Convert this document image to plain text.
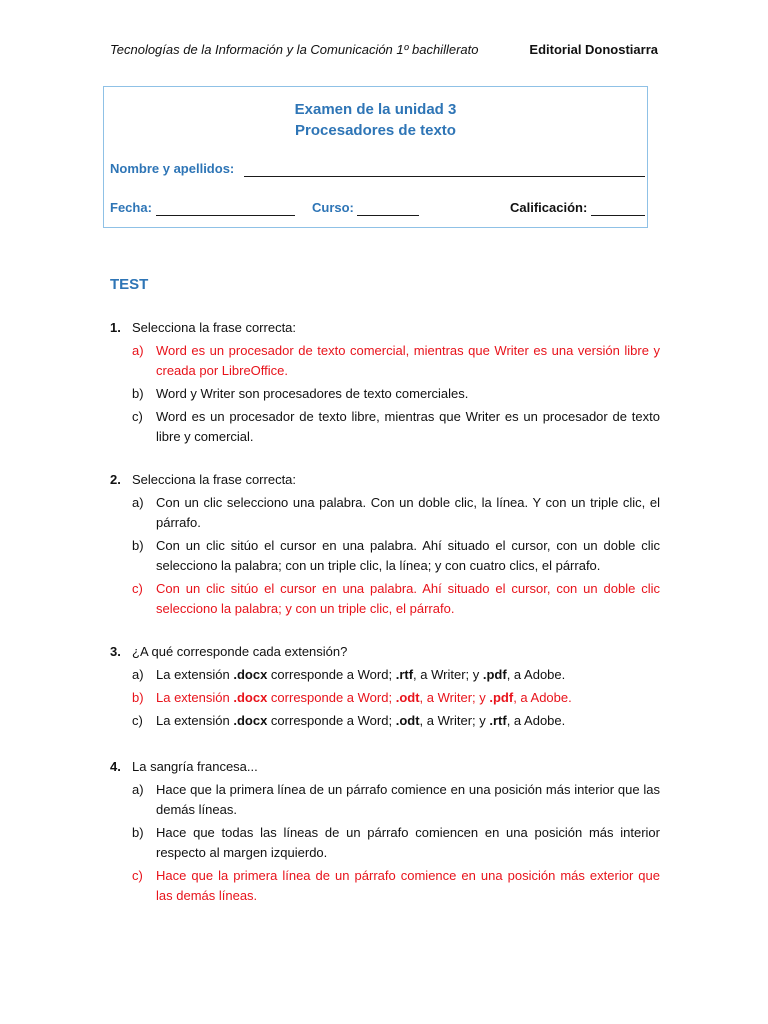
Tecnologías de la Información y la Comunicación 1º bachillerato	Editorial Donostiarra
Examen de la unidad 3
Procesadores de texto
Nombre y apellidos:
Fecha:	Curso:	Calificación:
TEST
1. Selecciona la frase correcta:
a) Word es un procesador de texto comercial, mientras que Writer es una versión libre y creada por LibreOffice.
b) Word y Writer son procesadores de texto comerciales.
c)	Word es un procesador de texto libre, mientras que Writer es un procesador de texto libre y comercial.
2. Selecciona la frase correcta:
a) Con un clic selecciono una palabra. Con un doble clic, la línea. Y con un triple clic, el párrafo.
b) Con un clic sitúo el cursor en una palabra. Ahí situado el cursor, con un doble clic selecciono la palabra; con un triple clic, la línea; y con cuatro clics, el párrafo.
c)	Con un clic sitúo el cursor en una palabra. Ahí situado el cursor, con un doble clic selecciono la palabra; y con un triple clic, el párrafo.
3. ¿A qué corresponde cada extensión?
a) La extensión .docx corresponde a Word; .rtf, a Writer; y .pdf, a Adobe.
b) La extensión .docx corresponde a Word; .odt, a Writer; y .pdf, a Adobe.
c)	La extensión .docx corresponde a Word; .odt, a Writer; y .rtf, a Adobe.
4. La sangría francesa...
a) Hace que la primera línea de un párrafo comience en una posición más interior que las demás líneas.
b) Hace que todas las líneas de un párrafo comiencen en una posición más interior respecto al margen izquierdo.
c)	Hace que la primera línea de un párrafo comience en una posición más exterior que las demás líneas.
